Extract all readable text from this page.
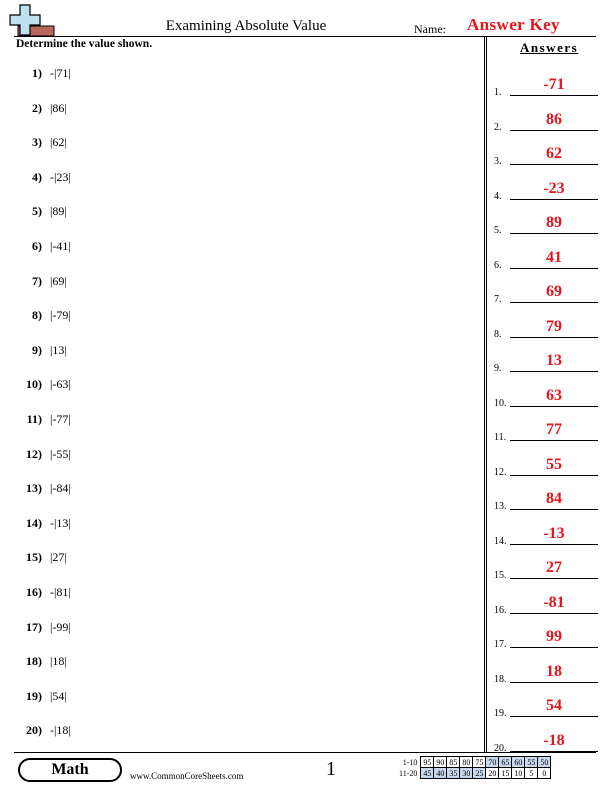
Examining Absolute Value	Name: Answer Key
Determine the value shown.
1) -|71|
2) |86|
3) |62|
4) -|23|
5) |89|
6) |-41|
7) |69|
8) |-79|
9) |13|
10) |-63|
11) |-77|
12) |-55|
13) |-84|
14) -|13|
15) |27|
16) -|81|
17) |-99|
18) |18|
19) |54|
20) -|18|
Answers
1.	-71
2.	86
3.	62
4.	-23
5.	89
6.	41
7.	69
8.	79
9.	13
10.	63
11.	77
12.	55
13.	84
14.	-13
15.	27
16.	-81
17.	99
18.	18
19.	54
20.	-18
Math	www.CommonCoreSheets.com	1	1-10	95	90	85	80	75	70	65	60	55	50
11-20	45	40	35	30	25	20	15	10	5	0
